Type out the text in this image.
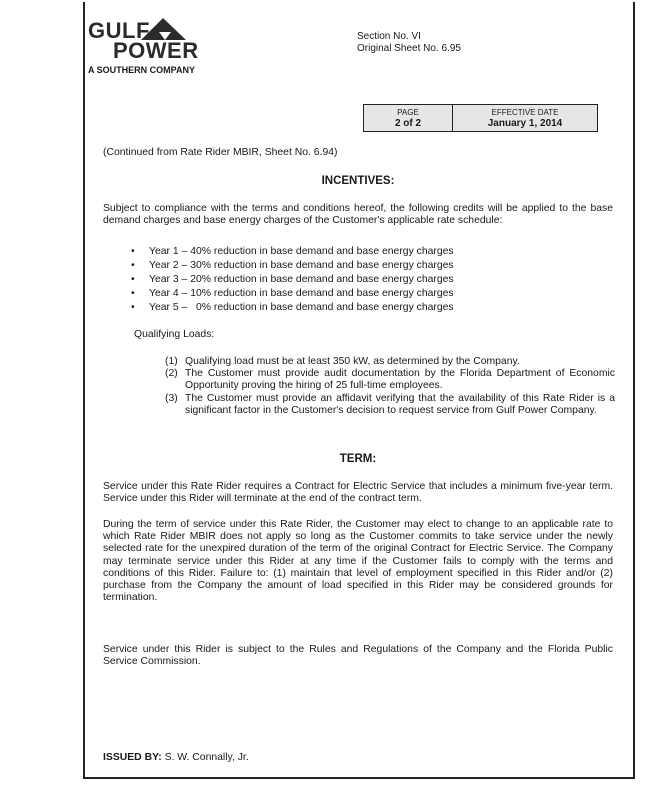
GULF
POWER
A SOUTHERN COMPANY
Section No. VI
Original Sheet No. 6.95
PAGE
2 of 2
EFFECTIVE DATE
January 1, 2014
(Continued from Rate Rider MBIR, Sheet No. 6.94)
INCENTIVES:
Subject to compliance with the terms and conditions hereof, the following credits will be applied to the base demand charges and base energy charges of the Customer's applicable rate schedule:
• Year 1 – 40% reduction in base demand and base energy charges
• Year 2 – 30% reduction in base demand and base energy charges
• Year 3 – 20% reduction in base demand and base energy charges
• Year 4 – 10% reduction in base demand and base energy charges
• Year 5 –   0% reduction in base demand and base energy charges
Qualifying Loads:
(1) Qualifying load must be at least 350 kW, as determined by the Company.
(2) The Customer must provide audit documentation by the Florida Department of Economic Opportunity proving the hiring of 25 full-time employees.
(3) The Customer must provide an affidavit verifying that the availability of this Rate Rider is a significant factor in the Customer's decision to request service from Gulf Power Company.
TERM:
Service under this Rate Rider requires a Contract for Electric Service that includes a minimum five-year term. Service under this Rider will terminate at the end of the contract term.
During the term of service under this Rate Rider, the Customer may elect to change to an applicable rate to which Rate Rider MBIR does not apply so long as the Customer commits to take service under the newly selected rate for the unexpired duration of the term of the original Contract for Electric Service. The Company may terminate service under this Rider at any time if the Customer fails to comply with the terms and conditions of this Rider. Failure to: (1) maintain that level of employment specified in this Rider and/or (2) purchase from the Company the amount of load specified in this Rider may be considered grounds for termination.
Service under this Rider is subject to the Rules and Regulations of the Company and the Florida Public Service Commission.
ISSUED BY: S. W. Connally, Jr.
